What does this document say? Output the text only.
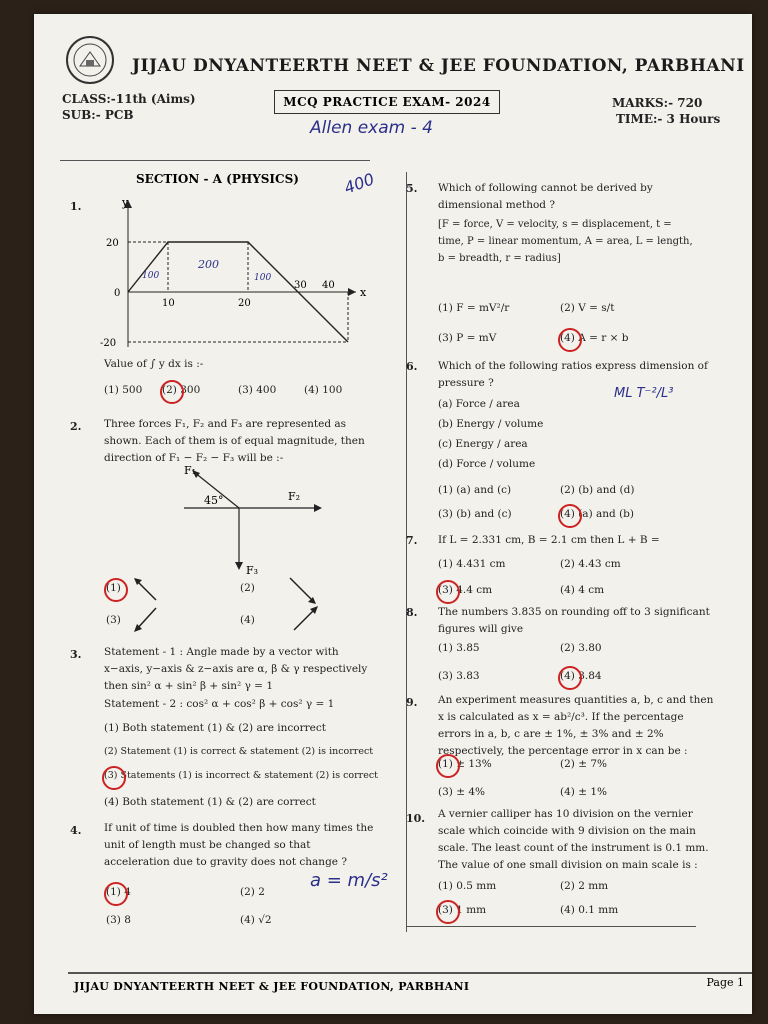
JIJAU DNYANTEERTH NEET & JEE FOUNDATION, PARBHANI
CLASS:-11th (Aims)
SUB:- PCB
MCQ PRACTICE EXAM- 2024	MARKS:- 720
TIME:- 3 Hours
Allen exam - 4
SECTION - A (PHYSICS)	400
1.	y
x
20
0
-20
10	20
30 40
100
200
100
Value of ∫ y dx is :-
(1) 500 (2) 300	(3) 400	(4) 100
2. Three forces F₁, F₂ and F₃ are represented as shown. Each of them is of equal magnitude, then direction of F₁ − F₂ − F₃ will be :-
F₁
F₂
F₃
45°
(1)
(3)
(2)
(4)
3. Statement - 1 : Angle made by a vector with x−axis, y−axis & z−axis are α, β & γ respectively then sin² α + sin² β + sin² γ = 1
Statement - 2 : cos² α + cos² β + cos² γ = 1
(1) Both statement (1) & (2) are incorrect
(2) Statement (1) is correct & statement (2) is incorrect
(3) Statements (1) is incorrect & statement (2) is correct
(4) Both statement (1) & (2) are correct
4. If unit of time is doubled then how many times the unit of length must be changed so that acceleration due to gravity does not change ?
(1) 4	(2) 2
(3) 8	(4) √2
a = m/s²
5. Which of following cannot be derived by dimensional method ?
[F = force, V = velocity, s = displacement, t = time, P = linear momentum, A = area, L = length, b = breadth, r = radius]
(1) F = mV²/r	(2) V = s/t
(3) P = mV	(4) A = r × b
6. Which of the following ratios express dimension of pressure ?
ML T⁻²/L³
(a) Force / area
(b) Energy / volume
(c) Energy / area
(d) Force / volume
(1) (a) and (c)	(2) (b) and (d)
(3) (b) and (c)	(4) (a) and (b)
7. If L = 2.331 cm, B = 2.1 cm then L + B =
(1) 4.431 cm	(2) 4.43 cm
(3) 4.4 cm	(4) 4 cm
8. The numbers 3.835 on rounding off to 3 significant figures will give
(1) 3.85	(2) 3.80
(3) 3.83	(4) 3.84
9. An experiment measures quantities a, b, c and then x is calculated as x = ab²/c³. If the percentage errors in a, b, c are ± 1%, ± 3% and ± 2% respectively, the percentage error in x can be :
(1) ± 13%	(2) ± 7%
(3) ± 4%	(4) ± 1%
10. A vernier calliper has 10 division on the vernier scale which coincide with 9 division on the main scale. The least count of the instrument is 0.1 mm. The value of one small division on main scale is :
(1) 0.5 mm	(2) 2 mm
(3) 1 mm	(4) 0.1 mm
JIJAU DNYANTEERTH NEET & JEE FOUNDATION, PARBHANI	Page 1
